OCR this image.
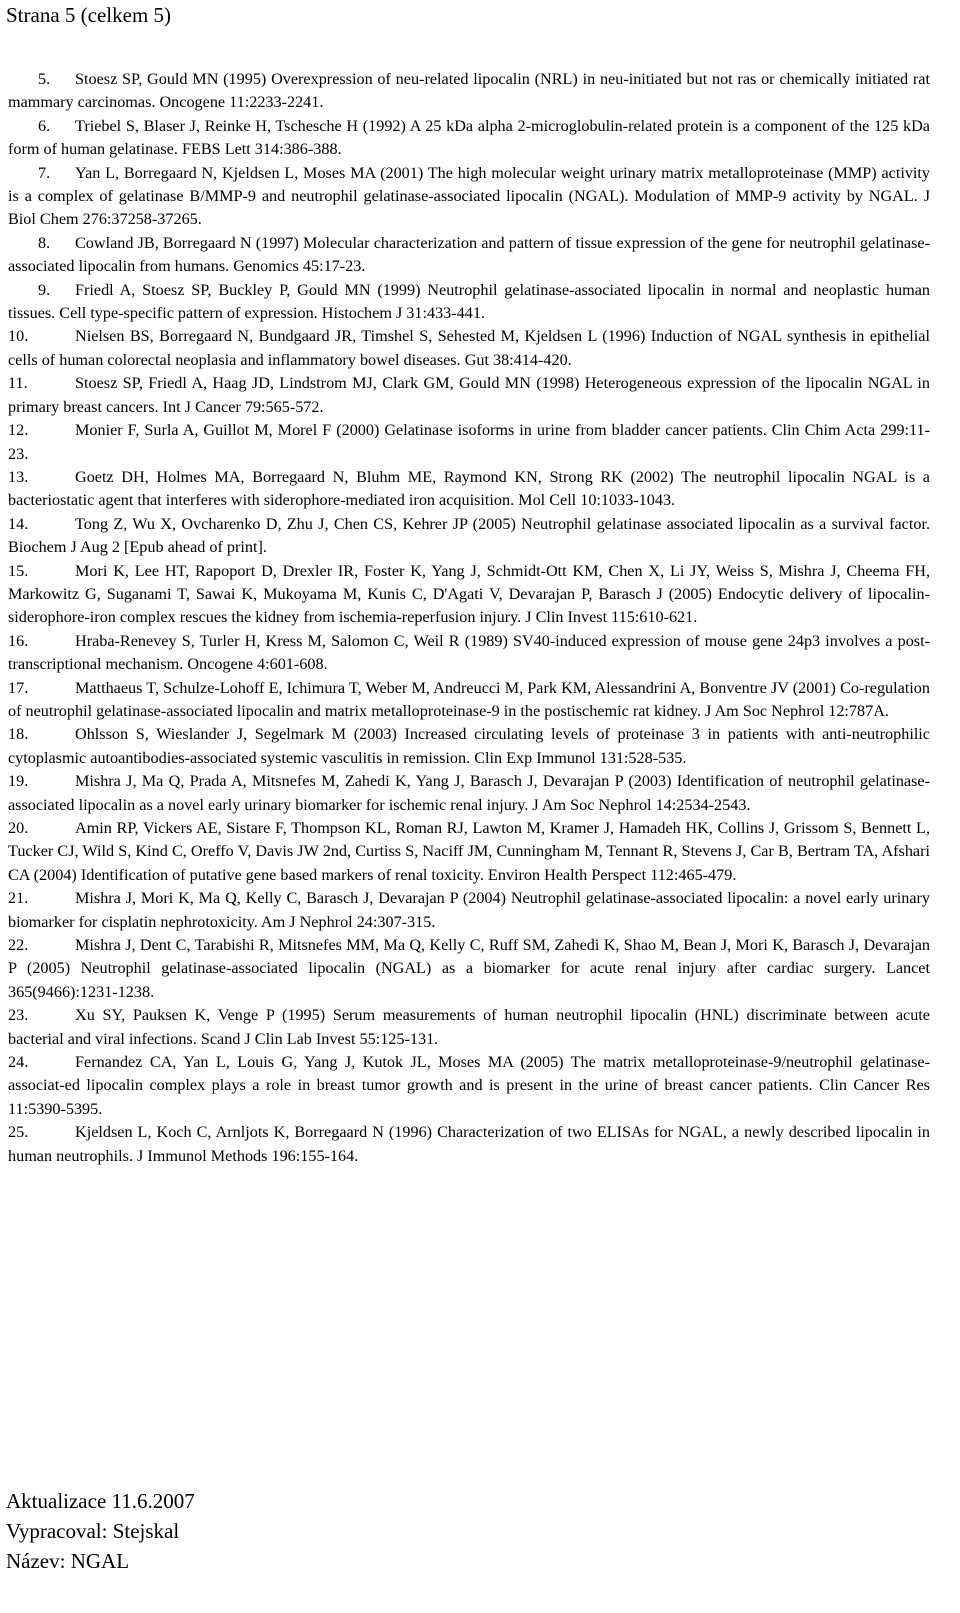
Strana 5 (celkem 5)

5. Stoesz SP, Gould MN (1995) Overexpression of neu-related lipocalin (NRL) in neu-initiated but not ras or chemically initiated rat mammary carcinomas. Oncogene 11:2233-2241.

6. Triebel S, Blaser J, Reinke H, Tschesche H (1992) A 25 kDa alpha 2-microglobulin-related protein is a component of the 125 kDa form of human gelatinase. FEBS Lett 314:386-388.

7. Yan L, Borregaard N, Kjeldsen L, Moses MA (2001) The high molecular weight urinary matrix metalloproteinase (MMP) activity is a complex of gelatinase B/MMP-9 and neutrophil gelatinase-associated lipocalin (NGAL). Modulation of MMP-9 activity by NGAL. J Biol Chem 276:37258-37265.

8. Cowland JB, Borregaard N (1997) Molecular characterization and pattern of tissue expression of the gene for neutrophil gelatinase-associated lipocalin from humans. Genomics 45:17-23.

9. Friedl A, Stoesz SP, Buckley P, Gould MN (1999) Neutrophil gelatinase-associated lipocalin in normal and neoplastic human tissues. Cell type-specific pattern of expression. Histochem J 31:433-441.

10.	Nielsen BS, Borregaard N, Bundgaard JR, Timshel S, Sehested M, Kjeldsen L (1996) Induction of NGAL synthesis in epithelial cells of human colorectal neoplasia and inflammatory bowel diseases. Gut 38:414-420.

11.	Stoesz SP, Friedl A, Haag JD, Lindstrom MJ, Clark GM, Gould MN (1998) Heterogeneous expression of the lipocalin NGAL in primary breast cancers. Int J Cancer 79:565-572.

12.	Monier F, Surla A, Guillot M, Morel F (2000) Gelatinase isoforms in urine from bladder cancer patients. Clin Chim Acta 299:11-23.

13.	Goetz DH, Holmes MA, Borregaard N, Bluhm ME, Raymond KN, Strong RK (2002) The neutrophil lipocalin NGAL is a bacteriostatic agent that interferes with siderophore-mediated iron acquisition. Mol Cell 10:1033-1043.

14.	Tong Z, Wu X, Ovcharenko D, Zhu J, Chen CS, Kehrer JP (2005) Neutrophil gelatinase associated lipocalin as a survival factor. Biochem J Aug 2 [Epub ahead of print].

15.	Mori K, Lee HT, Rapoport D, Drexler IR, Foster K, Yang J, Schmidt-Ott KM, Chen X, Li JY, Weiss S, Mishra J, Cheema FH, Markowitz G, Suganami T, Sawai K, Mukoyama M, Kunis C, D'Agati V, Devarajan P, Barasch J (2005) Endocytic delivery of lipocalin-siderophore-iron complex rescues the kidney from ischemia-reperfusion injury. J Clin Invest 115:610-621.

16.	Hraba-Renevey S, Turler H, Kress M, Salomon C, Weil R (1989) SV40-induced expression of mouse gene 24p3 involves a post-transcriptional mechanism. Oncogene 4:601-608.

17.	Matthaeus T, Schulze-Lohoff E, Ichimura T, Weber M, Andreucci M, Park KM, Alessandrini A, Bonventre JV (2001) Co-regulation of neutrophil gelatinase-associated lipocalin and matrix metalloproteinase-9 in the postischemic rat kidney. J Am Soc Nephrol 12:787A.

18.	Ohlsson S, Wieslander J, Segelmark M (2003) Increased circulating levels of proteinase 3 in patients with anti-neutrophilic cytoplasmic autoantibodies-associated systemic vasculitis in remission. Clin Exp Immunol 131:528-535.

19.	Mishra J, Ma Q, Prada A, Mitsnefes M, Zahedi K, Yang J, Barasch J, Devarajan P (2003) Identification of neutrophil gelatinase-associated lipocalin as a novel early urinary biomarker for ischemic renal injury. J Am Soc Nephrol 14:2534-2543.

20.	Amin RP, Vickers AE, Sistare F, Thompson KL, Roman RJ, Lawton M, Kramer J, Hamadeh HK, Collins J, Grissom S, Bennett L, Tucker CJ, Wild S, Kind C, Oreffo V, Davis JW 2nd, Curtiss S, Naciff JM, Cunningham M, Tennant R, Stevens J, Car B, Bertram TA, Afshari CA (2004) Identification of putative gene based markers of renal toxicity. Environ Health Perspect 112:465-479.

21.	Mishra J, Mori K, Ma Q, Kelly C, Barasch J, Devarajan P (2004) Neutrophil gelatinase-associated lipocalin: a novel early urinary biomarker for cisplatin nephrotoxicity. Am J Nephrol 24:307-315.

22.	Mishra J, Dent C, Tarabishi R, Mitsnefes MM, Ma Q, Kelly C, Ruff SM, Zahedi K, Shao M, Bean J, Mori K, Barasch J, Devarajan P (2005) Neutrophil gelatinase-associated lipocalin (NGAL) as a biomarker for acute renal injury after cardiac surgery. Lancet 365(9466):1231-1238.

23.	Xu SY, Pauksen K, Venge P (1995) Serum measurements of human neutrophil lipocalin (HNL) discriminate between acute bacterial and viral infections. Scand J Clin Lab Invest 55:125-131.

24.	Fernandez CA, Yan L, Louis G, Yang J, Kutok JL, Moses MA (2005) The matrix metalloproteinase-9/neutrophil gelatinase-associat-ed lipocalin complex plays a role in breast tumor growth and is present in the urine of breast cancer patients. Clin Cancer Res 11:5390-5395.

25.	Kjeldsen L, Koch C, Arnljots K, Borregaard N (1996) Characterization of two ELISAs for NGAL, a newly described lipocalin in human neutrophils. J Immunol Methods 196:155-164.

Aktualizace 11.6.2007
Vypracoval: Stejskal
Název: NGAL
